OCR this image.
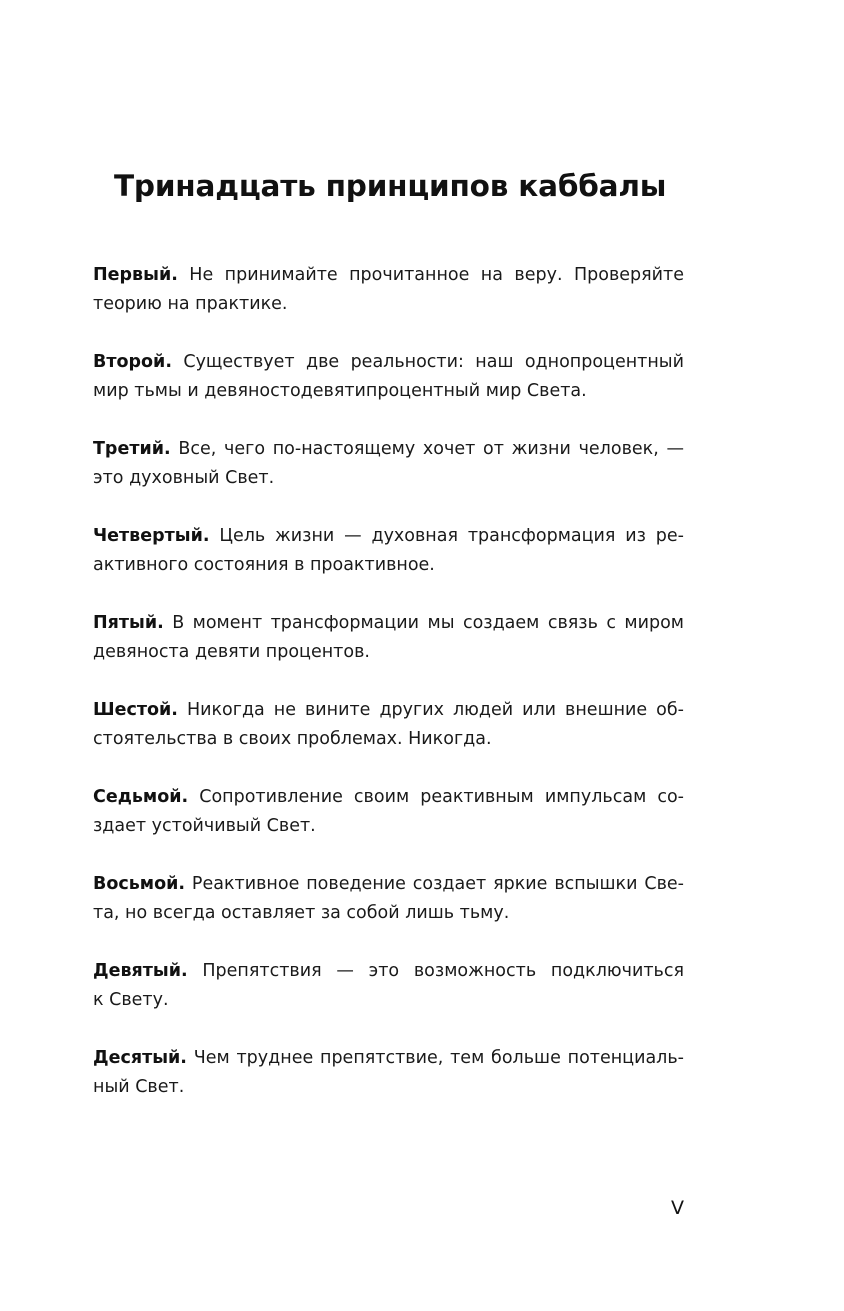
Тринадцать принципов каббалы
Первый. Не принимайте прочитанное на веру. Проверяйте
теорию на практике.
Второй. Существует две реальности: наш однопроцентный
мир тьмы и девяностодевятипроцентный мир Света.
Третий. Все, чего по-настоящему хочет от жизни человек, —
это духовный Свет.
Четвертый. Цель жизни — духовная трансформация из ре-
активного состояния в проактивное.
Пятый. В момент трансформации мы создаем связь с миром
девяноста девяти процентов.
Шестой. Никогда не вините других людей или внешние об-
стоятельства в своих проблемах. Никогда.
Седьмой. Сопротивление своим реактивным импульсам со-
здает устойчивый Свет.
Восьмой. Реактивное поведение создает яркие вспышки Све-
та, но всегда оставляет за собой лишь тьму.
Девятый. Препятствия — это возможность подключиться
к Свету.
Десятый. Чем труднее препятствие, тем больше потенциаль-
ный Свет.
V
